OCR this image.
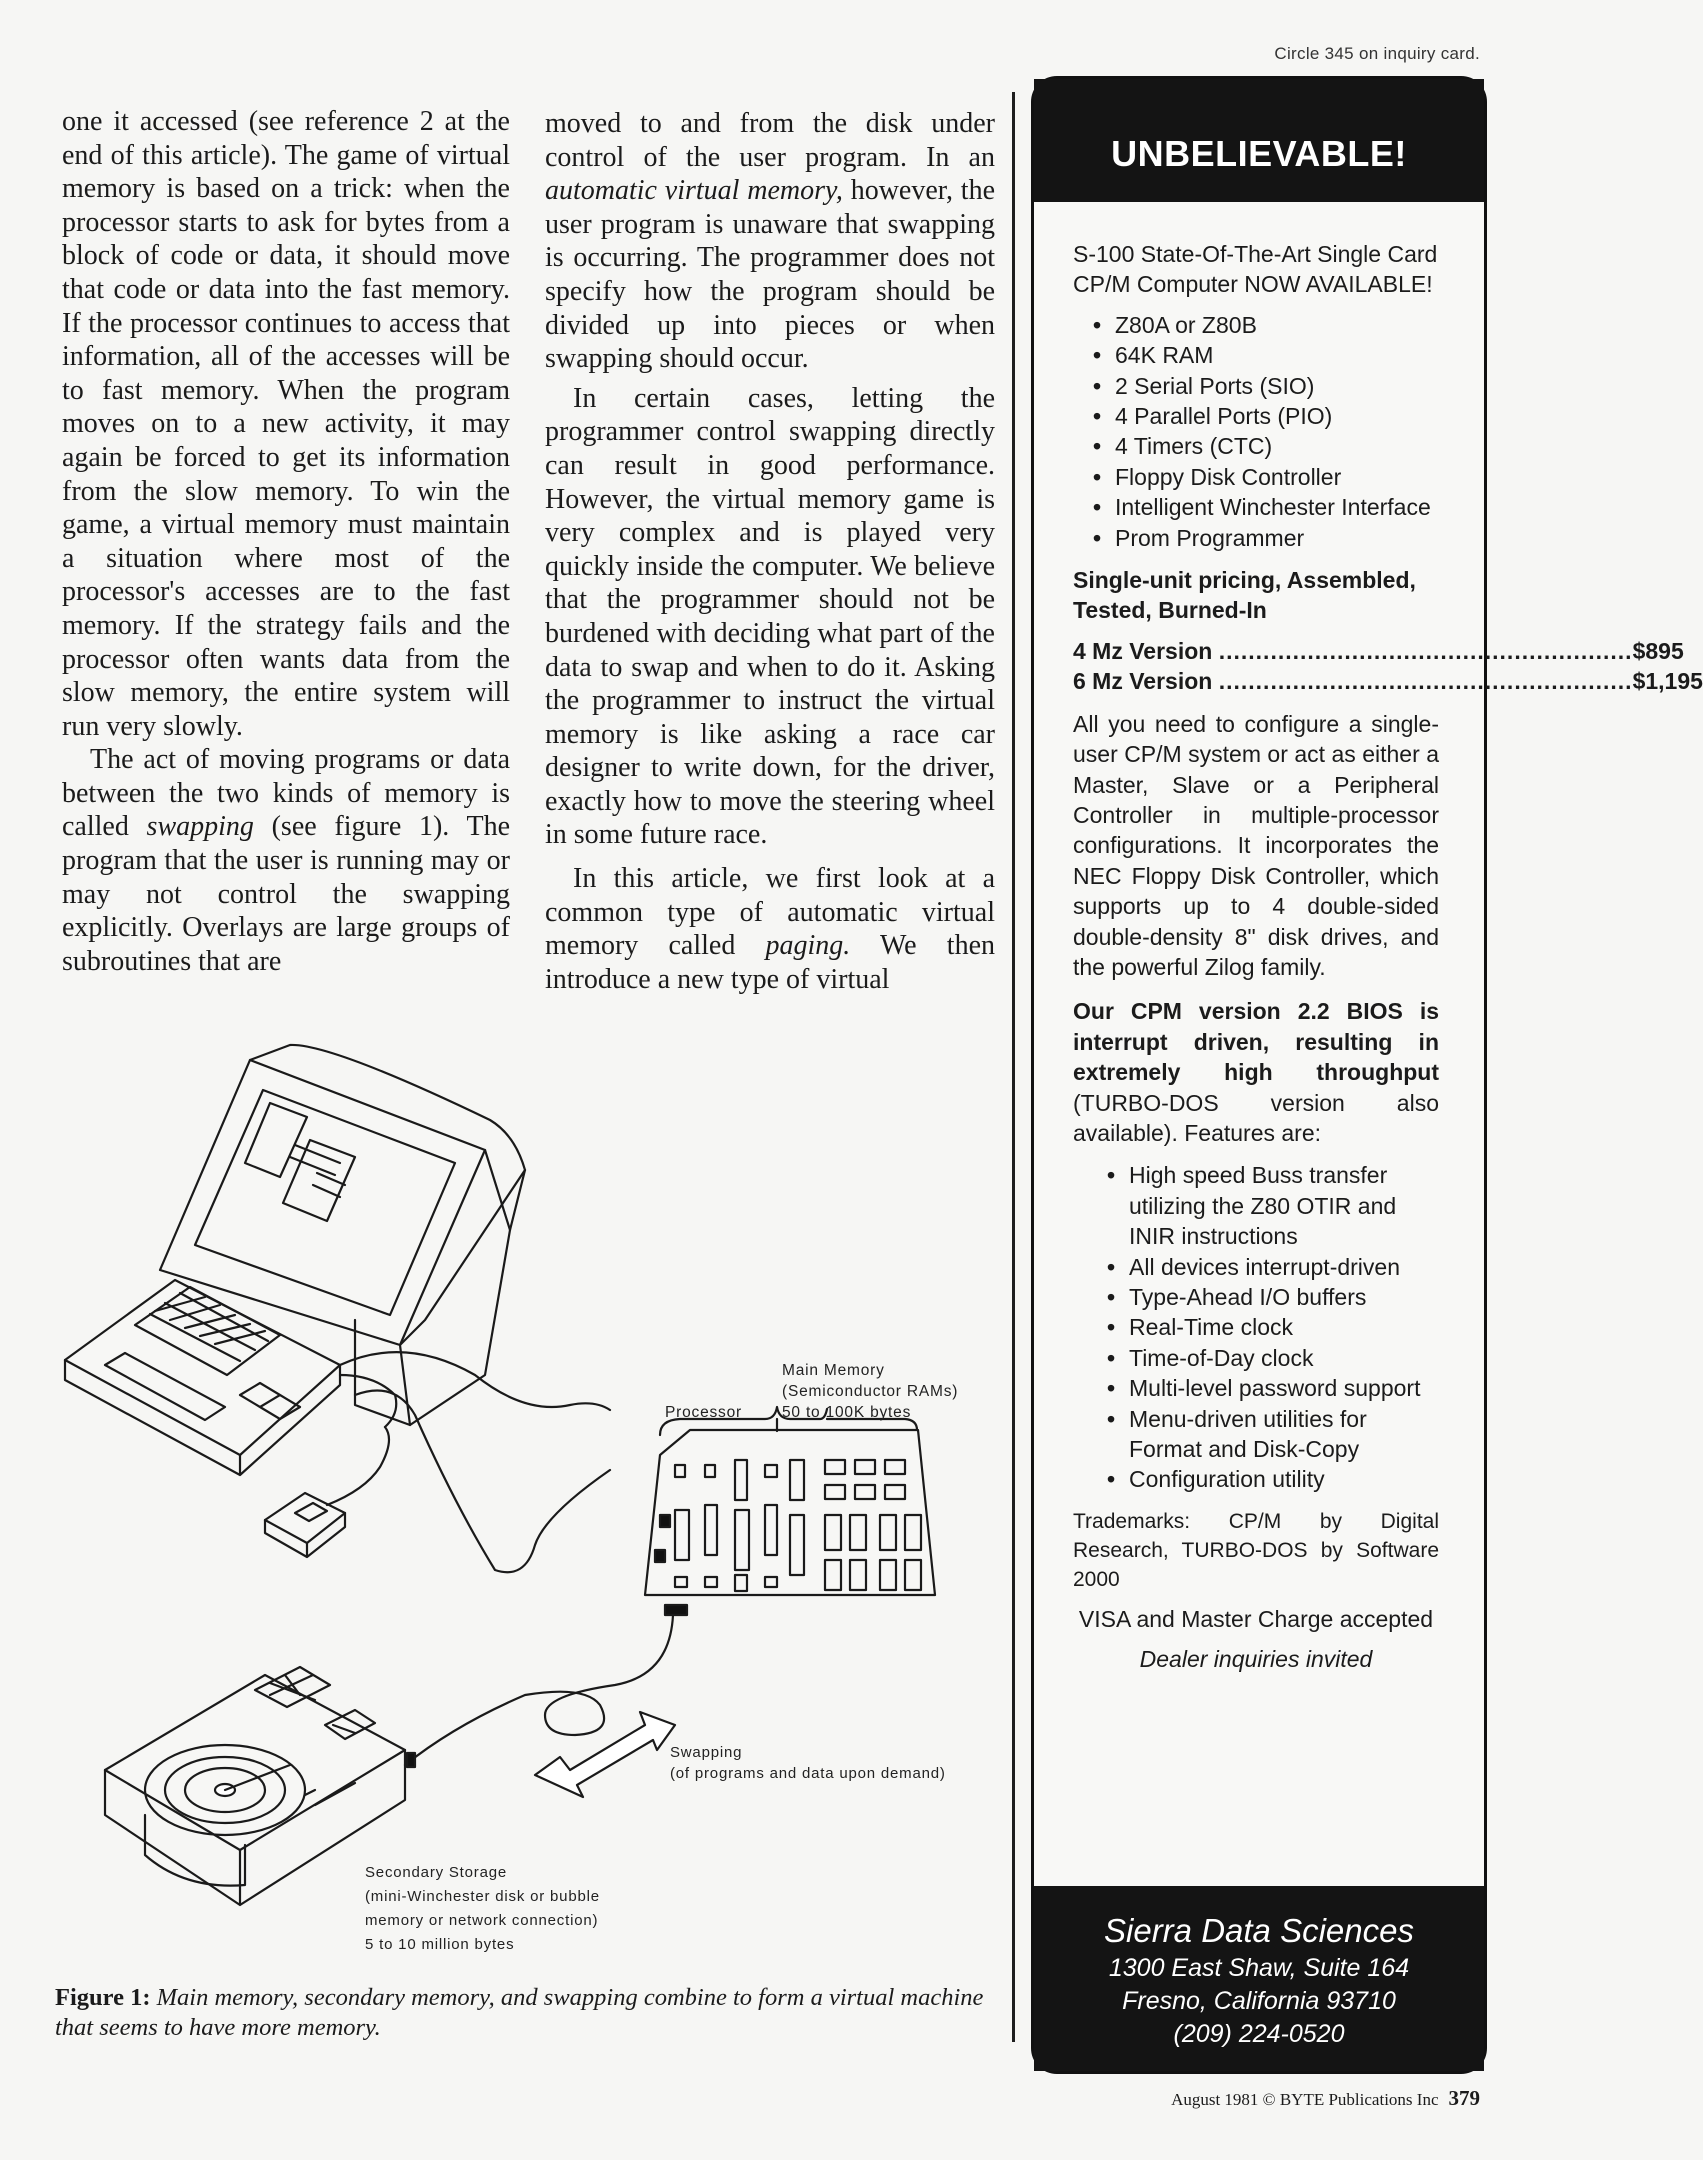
Circle 345 on inquiry card.

one it accessed (see reference 2 at the end of this article). The game of virtual memory is based on a trick: when the processor starts to ask for bytes from a block of code or data, it should move that code or data into the fast memory. If the processor continues to access that information, all of the accesses will be to fast memory. When the program moves on to a new activity, it may again be forced to get its information from the slow memory. To win the game, a virtual memory must maintain a situation where most of the processor's accesses are to the fast memory. If the strategy fails and the processor often wants data from the slow memory, the entire system will run very slowly.

The act of moving programs or data between the two kinds of memory is called swapping (see figure 1). The program that the user is running may or may not control the swapping explicitly. Overlays are large groups of subroutines that are

moved to and from the disk under control of the user program. In an automatic virtual memory, however, the user program is unaware that swapping is occurring. The programmer does not specify how the program should be divided up into pieces or when swapping should occur.

In certain cases, letting the programmer control swapping directly can result in good performance. However, the virtual memory game is very complex and is played very quickly inside the computer. We believe that the programmer should not be burdened with deciding what part of the data to swap and when to do it. Asking the programmer to instruct the virtual memory is like asking a race car designer to write down, for the driver, exactly how to move the steering wheel in some future race.

In this article, we first look at a common type of automatic virtual memory called paging. We then introduce a new type of virtual

Main Memory
(Semiconductor RAMs)
50 to 100K bytes
Processor
Swapping
(of programs and data upon demand)
Secondary Storage
(mini-Winchester disk or bubble
memory or network connection)
5 to 10 million bytes
Figure 1: Main memory, secondary memory, and swapping combine to form a virtual machine that seems to have more memory.
UNBELIEVABLE!

S-100 State-Of-The-Art Single Card CP/M Computer NOW AVAILABLE!

• Z80A or Z80B
• 64K RAM
• 2 Serial Ports (SIO)
• 4 Parallel Ports (PIO)
• 4 Timers (CTC)
• Floppy Disk Controller
• Intelligent Winchester Interface
• Prom Programmer

Single-unit pricing, Assembled, Tested, Burned-In

4 Mz Version ........................................................ $895
6 Mz Version ........................................................ $1,195

All you need to configure a single-user CP/M system or act as either a Master, Slave or a Peripheral Controller in multiple-processor configurations. It incorporates the NEC Floppy Disk Controller, which supports up to 4 double-sided double-density 8" disk drives, and the powerful Zilog family.

Our CPM version 2.2 BIOS is interrupt driven, resulting in extremely high throughput (TURBO-DOS version also available). Features are:

• High speed Buss transfer utilizing the Z80 OTIR and INIR instructions
• All devices interrupt-driven
• Type-Ahead I/O buffers
• Real-Time clock
• Time-of-Day clock
• Multi-level password support
• Menu-driven utilities for Format and Disk-Copy
• Configuration utility

Trademarks: CP/M by Digital Research, TURBO-DOS by Software 2000

VISA and Master Charge accepted

Dealer inquiries invited

Sierra Data Sciences
1300 East Shaw, Suite 164
Fresno, California 93710
(209) 224-0520
August 1981 © BYTE Publications Inc 379
